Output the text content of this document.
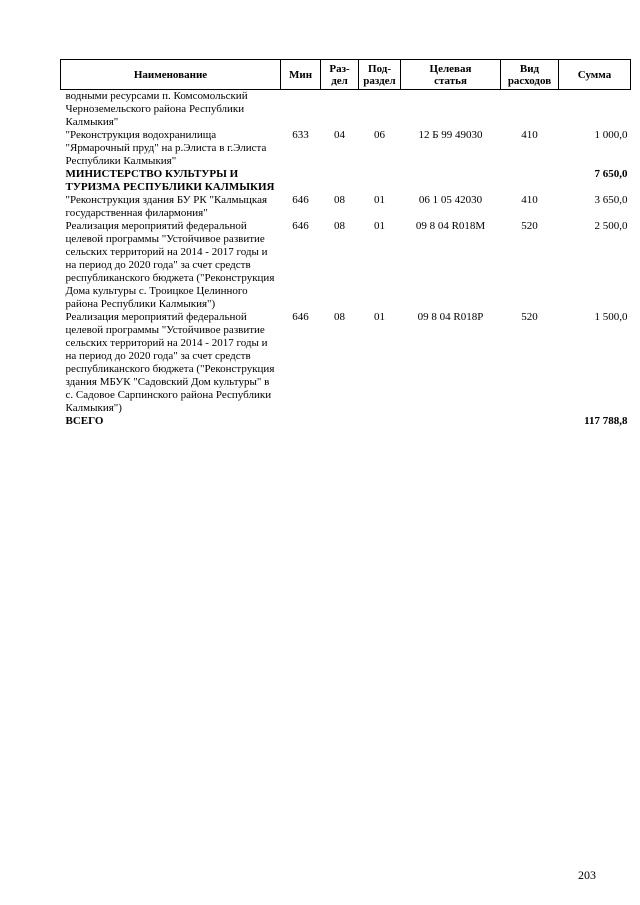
Наименование	Мин	Раз-
дел	Под-
раздел	Целевая
статья	Вид
расходов	Сумма
водными ресурсами п. Комсомольский Черноземельского района Республики Калмыкия"						
"Реконструкция водохранилища "Ярмарочный пруд" на р.Элиста в г.Элиста Республики Калмыкия"	633	04	06	12 Б 99 49030	410	1 000,0
МИНИСТЕРСТВО КУЛЬТУРЫ И ТУРИЗМА РЕСПУБЛИКИ КАЛМЫКИЯ						7 650,0
"Реконструкция здания БУ РК "Калмыцкая государственная филармония"	646	08	01	06 1 05 42030	410	3 650,0
Реализация мероприятий федеральной целевой программы "Устойчивое развитие сельских территорий на 2014 - 2017 годы и на период до 2020 года" за счет средств республиканского бюджета ("Реконструкция Дома культуры с. Троицкое Целинного района Республики Калмыкия")	646	08	01	09 8 04 R018M	520	2 500,0
Реализация мероприятий федеральной целевой программы "Устойчивое развитие сельских территорий на 2014 - 2017 годы и на период до 2020 года" за счет средств республиканского бюджета ("Реконструкция здания МБУК "Садовский Дом культуры" в с. Садовое Сарпинского района Республики Калмыкия")	646	08	01	09 8 04 R018P	520	1 500,0
ВСЕГО						117 788,8
203
